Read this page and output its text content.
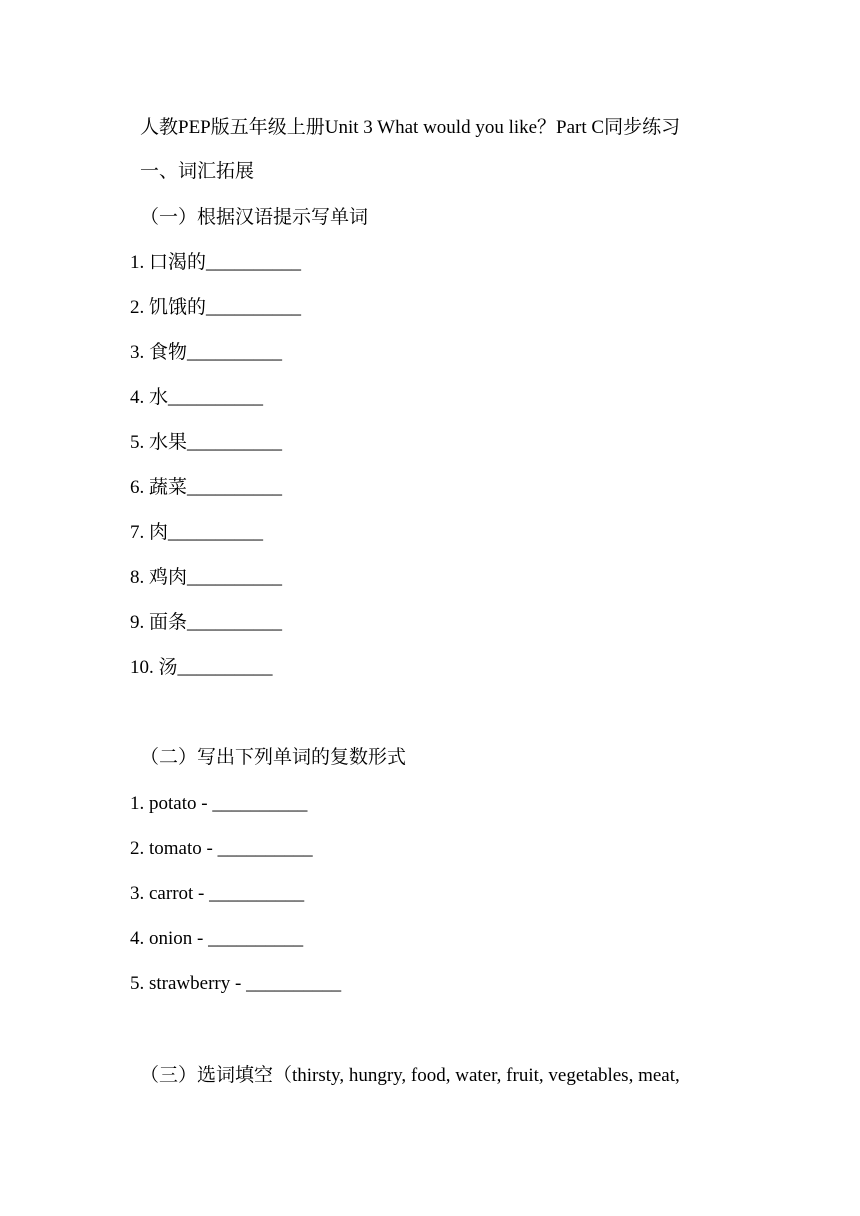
人教PEP版五年级上册Unit 3 What would you like？Part C同步练习
一、词汇拓展
（一）根据汉语提示写单词
1. 口渴的__________
2. 饥饿的__________
3. 食物__________
4. 水__________
5. 水果__________
6. 蔬菜__________
7. 肉__________
8. 鸡肉__________
9. 面条__________
10. 汤__________
（二）写出下列单词的复数形式
1. potato - __________
2. tomato - __________
3. carrot - __________
4. onion - __________
5. strawberry - __________
（三）选词填空（thirsty, hungry, food, water, fruit, vegetables, meat,
